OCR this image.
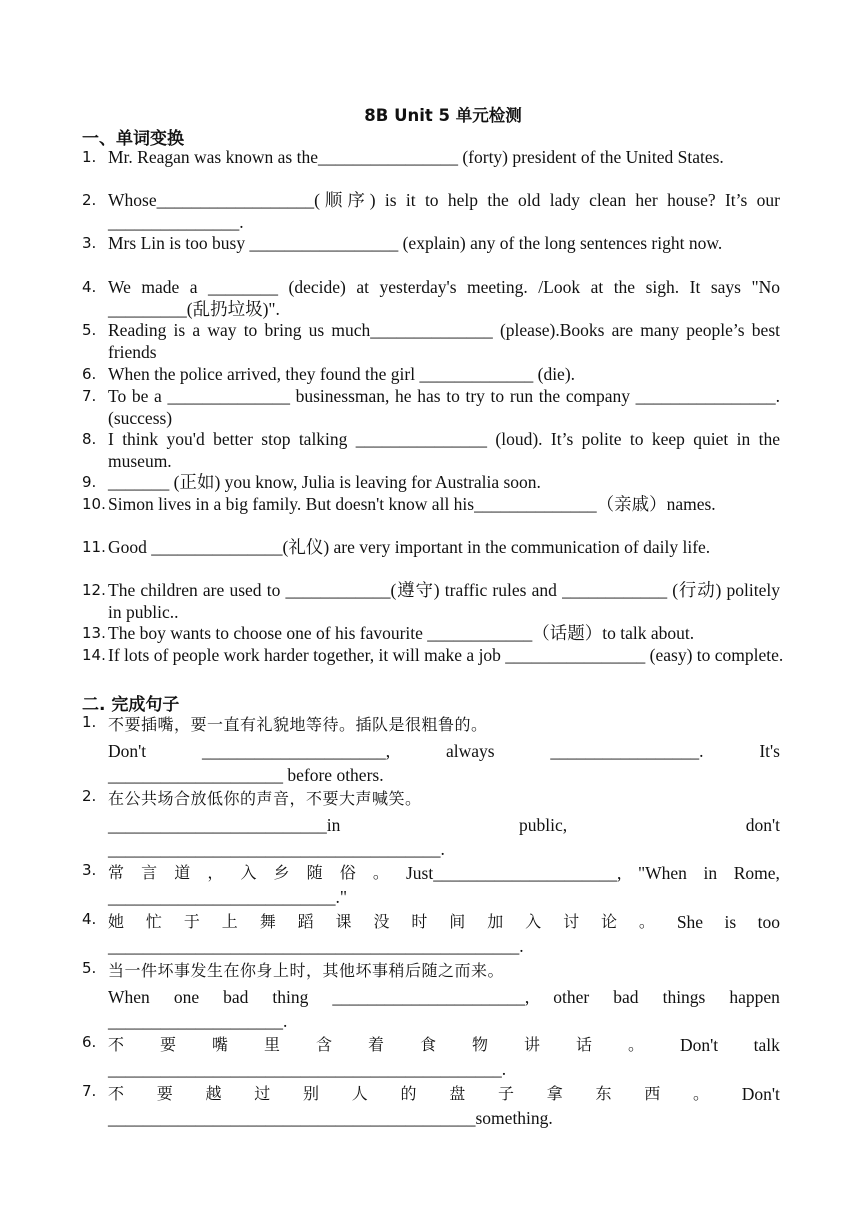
8B Unit 5 单元检测
一、单词变换
1. Mr. Reagan was known as the________________ (forty) president of the United States.
2. Whose__________________(顺序) is it to help the old lady clean her house? It’s our _______________.
3. Mrs Lin is too busy _________________ (explain) any of the long sentences right now.
4. We made a ________ (decide) at yesterday's meeting. /Look at the sigh. It says "No _________(乱扔垃圾)".
5. Reading is a way to bring us much______________ (please).Books are many people’s best friends
6. When the police arrived, they found the girl _____________ (die).
7. To be a ______________ businessman, he has to try to run the company ________________. (success)
8. I think you'd better stop talking _______________ (loud). It’s polite to keep quiet in the museum.
9. _______ (正如) you know, Julia is leaving for Australia soon.
10. Simon lives in a big family. But doesn't know all his______________（亲戚）names.
11. Good _______________(礼仪) are very important in the communication of daily life.
12. The children are used to ____________(遵守) traffic rules and ____________ (行动) politely in public..
13. The boy wants to choose one of his favourite ____________（话题）to talk about.
14. If lots of people work harder together, it will make a job ________________ (easy) to complete.
二. 完成句子
1. 不要插嘴，要一直有礼貌地等待。插队是很粗鲁的。
Don't	_____________________,	always	_________________.	It's
____________________ before others.
2. 在公共场合放低你的声音，不要大声喊笑。
_________________________in	public,	don't
______________________________________.
3. 常 言 道 ， 入 乡 随 俗 。 Just_____________________, "When in Rome,
__________________________."
4. 她 忙 于 上 舞 蹈 课 没 时 间 加 入 讨 论 。 She is too
_______________________________________________.
5. 当一件坏事发生在你身上时，其他坏事稍后随之而来。
When one bad thing ______________________, other bad things happen
____________________.
6. 不 要 嘴 里 含 着 食 物 讲 话 。 Don't talk
_____________________________________________.
7. 不 要 越 过 别 人 的 盘 子 拿 东 西 。 Don't
__________________________________________something.
